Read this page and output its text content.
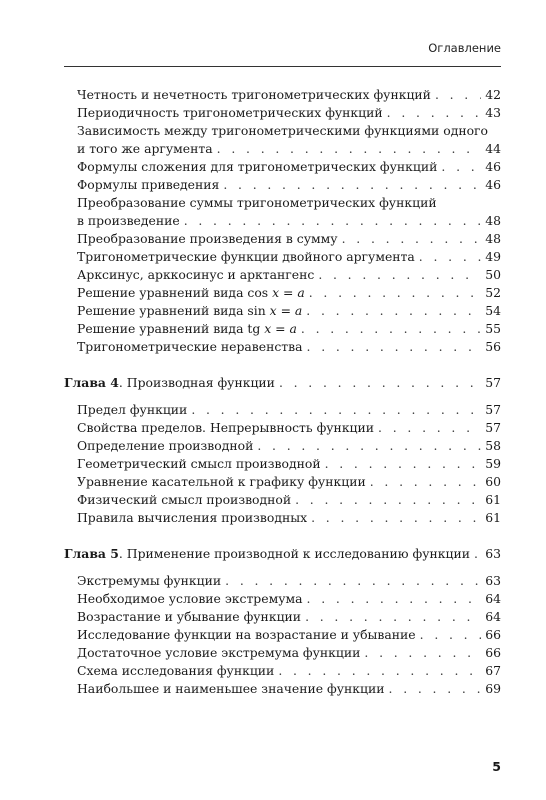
Оглавление
Четность и нечетность тригонометрических функций . . .	42
Периодичность тригонометрических функций . . .	43
Зависимость между тригонометрическими функциями одного
и того же аргумента . . .	44
Формулы сложения для тригонометрических функций . . .	46
Формулы приведения . . .	46
Преобразование суммы тригонометрических функций
в произведение . . .	48
Преобразование произведения в сумму . . .	48
Тригонометрические функции двойного аргумента . . .	49
Арксинус, арккосинус и арктангенс . . .	50
Решение уравнений вида cos x = a . . .	52
Решение уравнений вида sin x = a . . .	54
Решение уравнений вида tg x = a . . .	55
Тригонометрические неравенства . . .	56
Глава 4. Производная функции . . .	57
Предел функции . . .	57
Свойства пределов. Непрерывность функции . . .	57
Определение производной . . .	58
Геометрический смысл производной . . .	59
Уравнение касательной к графику функции . . .	60
Физический смысл производной . . .	61
Правила вычисления производных . . .	61
Глава 5. Применение производной к исследованию функции . . . 63
Экстремумы функции . . .	63
Необходимое условие экстремума . . .	64
Возрастание и убывание функции . . .	64
Исследование функции на возрастание и убывание . . .	66
Достаточное условие экстремума функции . . .	66
Схема исследования функции . . .	67
Наибольшее и наименьшее значение функции . . .	69
5
